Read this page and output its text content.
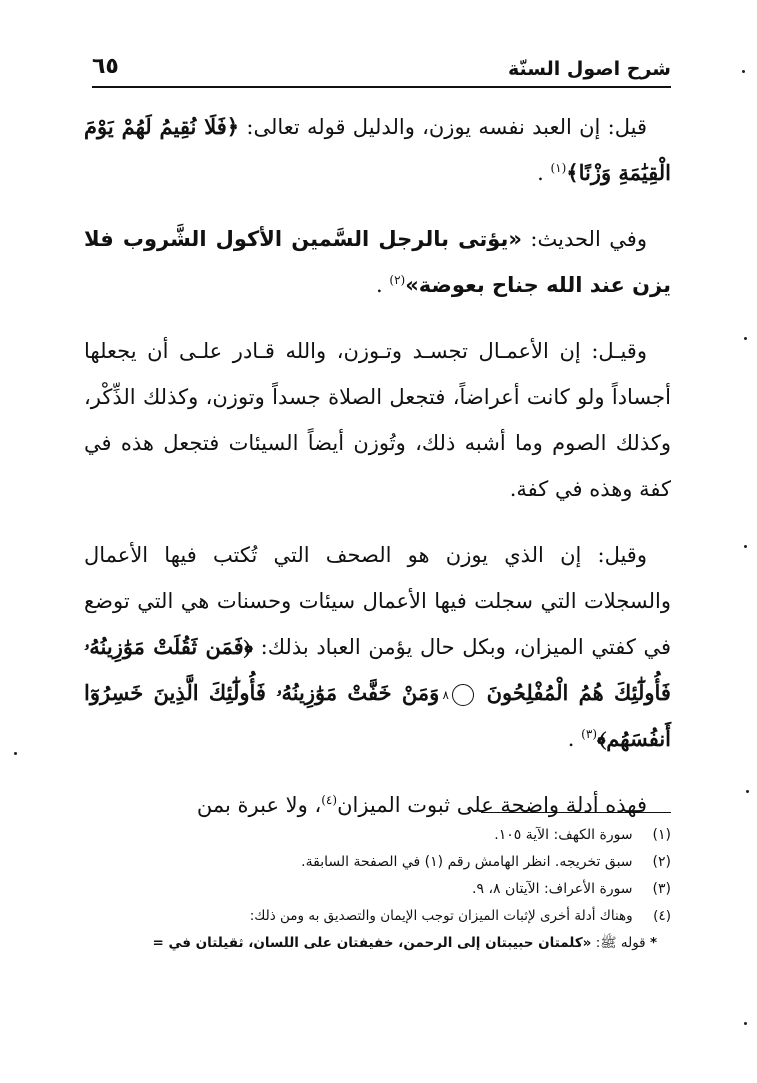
شرح اصول السنّة
٦٥

قيل: إن العبد نفسه يوزن، والدليل قوله تعالى: ﴿فَلَا نُقِيمُ لَهُمْ يَوْمَ الْقِيَٰمَةِ وَزْنًا﴾$^{(١)}$ .

وفي الحديث: «يؤتى بالرجل السَّمين الأكول الشَّروب فلا يزن عند الله جناح بعوضة»$^{(٢)}$ .

وقيـل: إن الأعمـال تجسـد وتـوزن، والله قـادر علـى أن يجعلها أجساداً ولو كانت أعراضاً، فتجعل الصلاة جسداً وتوزن، وكذلك الذِّكْر، وكذلك الصوم وما أشبه ذلك، وتُوزن أيضاً السيئات فتجعل هذه في كفة وهذه في كفة.

وقيل: إن الذي يوزن هو الصحف التي تُكتب فيها الأعمال والسجلات التي سجلت فيها الأعمال سيئات وحسنات هي التي توضع في كفتي الميزان، وبكل حال يؤمن العباد بذلك: ﴿فَمَن ثَقُلَتْ مَوَٰزِينُهُۥ فَأُولَٰٓئِكَ هُمُ الْمُفْلِحُونَ ٨ وَمَنْ خَفَّتْ مَوَٰزِينُهُۥ فَأُولَٰٓئِكَ الَّذِينَ خَسِرُوٓا أَنفُسَهُم﴾$^{(٣)}$ .

فهذه أدلة واضحة على ثبوت الميزان$^{(٤)}$، ولا عبرة بمن

(١) سورة الكهف: الآية ١٠٥.
(٢) سبق تخريجه. انظر الهامش رقم (١) في الصفحة السابقة.
(٣) سورة الأعراف: الآيتان ٨، ٩.
(٤) وهناك أدلة أخرى لإثبات الميزان توجب الإيمان والتصديق به ومن ذلك:
* قوله ﷺ: «كلمتان حبيبتان إلى الرحمن، خفيفتان على اللسان، ثقيلتان في =
